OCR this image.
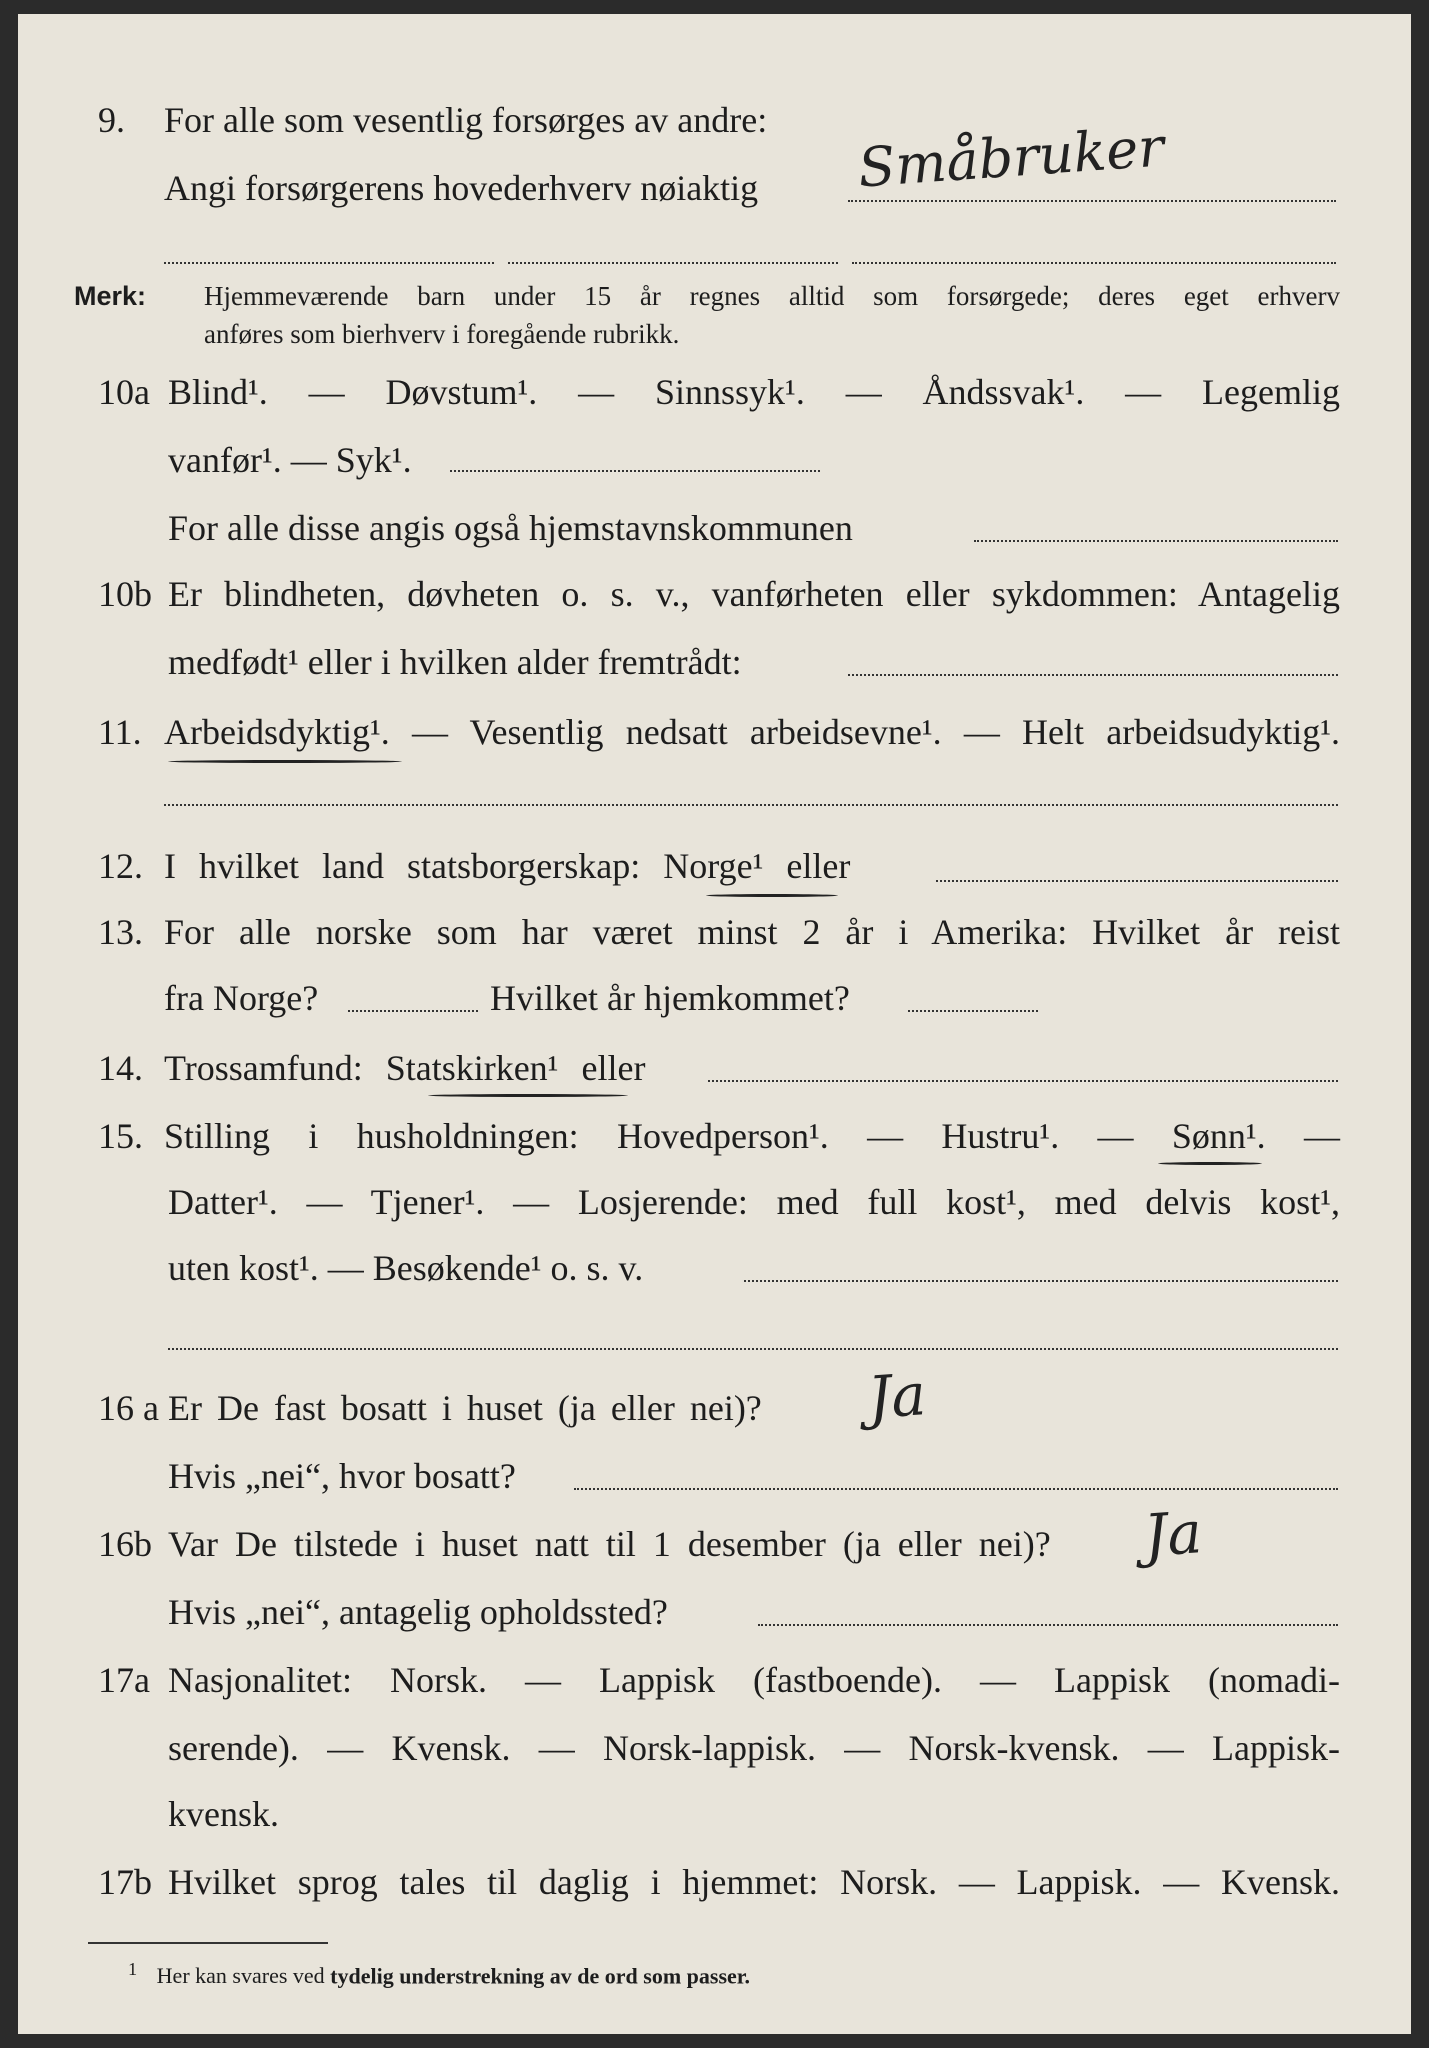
9. For alle som vesentlig forsørges av andre:
Angi forsørgerens hovederhverv nøiaktig Småbruker
Merk: Hjemmeværende barn under 15 år regnes alltid som forsørgede; deres eget erhverv
anføres som bierhverv i foregående rubrikk.
10a Blind¹. — Døvstum¹. — Sinnssyk¹. — Åndssvak¹. — Legemlig
vanfør¹. — Syk¹.
For alle disse angis også hjemstavnskommunen
10b Er blindheten, døvheten o. s. v., vanførheten eller sykdommen: Antagelig
medfødt¹ eller i hvilken alder fremtrådt:
11. Arbeidsdyktig¹. — Vesentlig nedsatt arbeidsevne¹. — Helt arbeidsudyktig¹.
12. I hvilket land statsborgerskap: Norge¹ eller
13. For alle norske som har været minst 2 år i Amerika: Hvilket år reist
fra Norge?	Hvilket år hjemkommet?
14. Trossamfund: Statskirken¹ eller
15. Stilling i husholdningen: Hovedperson¹. — Hustru¹. — Sønn¹. —
Datter¹. — Tjener¹. — Losjerende: med full kost¹, med delvis kost¹,
uten kost¹. — Besøkende¹ o. s. v.
16 a Er De fast bosatt i huset (ja eller nei)? Ja
Hvis „nei“, hvor bosatt?
16b Var De tilstede i huset natt til 1 desember (ja eller nei)? Ja
Hvis „nei“, antagelig opholdssted?
17a Nasjonalitet: Norsk. — Lappisk (fastboende). — Lappisk (nomadi-
serende). — Kvensk. — Norsk-lappisk. — Norsk-kvensk. — Lappisk-
kvensk.
17b Hvilket sprog tales til daglig i hjemmet: Norsk. — Lappisk. — Kvensk.
$^1$ Her kan svares ved tydelig understrekning av de ord som passer.
